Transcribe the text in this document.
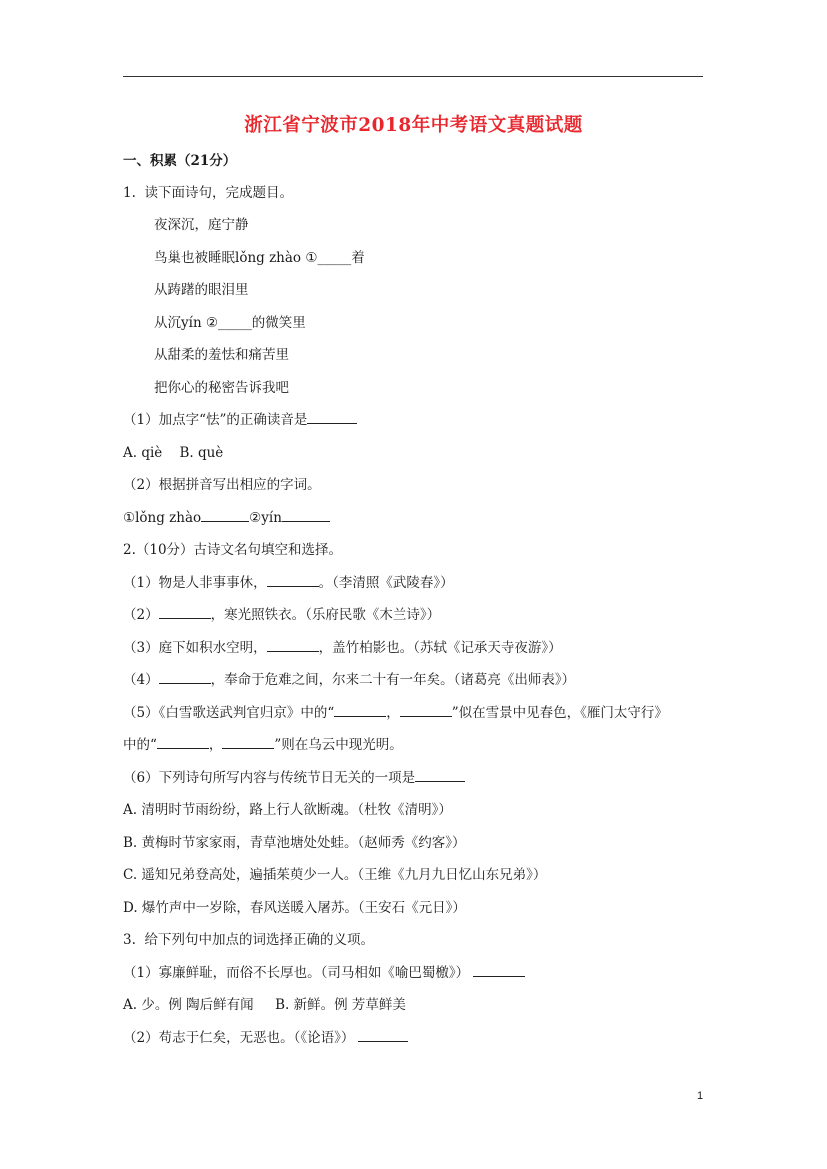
浙江省宁波市2018年中考语文真题试题
一、积累（21分）
1.  读下面诗句，完成题目。
夜深沉，庭宁静
鸟巢也被睡眠lǒng zhào ①_____着
从踌躇的眼泪里
从沉yín ②_____的微笑里
从甜柔的羞怯和痛苦里
把你心的秘密告诉我吧
（1）加点字“怯”的正确读音是
A. qiè    B. què
（2）根据拼音写出相应的字词。
①lǒng zhào	②yín
2.（10分）古诗文名句填空和选择。
（1）物是人非事事休，	。（李清照《武陵春》）
（2）	，寒光照铁衣。（乐府民歌《木兰诗》）
（3）庭下如积水空明，	，盖竹柏影也。（苏轼《记承天寺夜游》）
（4）	，奉命于危难之间，尔来二十有一年矣。（诸葛亮《出师表》）
（5）《白雪歌送武判官归京》中的“	，	”似在雪景中见春色，《雁门太守行》
中的“	，	”则在乌云中现光明。
（6）下列诗句所写内容与传统节日无关的一项是
A. 清明时节雨纷纷，路上行人欲断魂。（杜牧《清明》）
B. 黄梅时节家家雨，青草池塘处处蛙。（赵师秀《约客》）
C. 遥知兄弟登高处，遍插茱萸少一人。（王维《九月九日忆山东兄弟》）
D. 爆竹声中一岁除，春风送暖入屠苏。（王安石《元日》）
3.  给下列句中加点的词选择正确的义项。
（1）寡廉鲜耻，而俗不长厚也。（司马相如《喻巴蜀檄》）
A. 少。例 陶后鲜有闻     B. 新鲜。例 芳草鲜美
（2）苟志于仁矣，无恶也。（《论语》）
1
